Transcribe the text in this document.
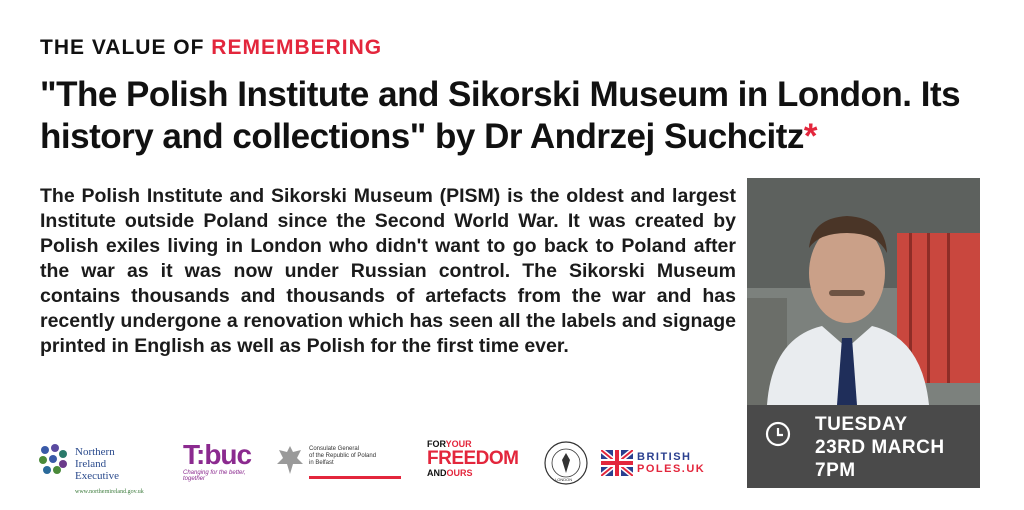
THE VALUE OF REMEMBERING
"The Polish Institute and Sikorski Museum in London. Its history and collections" by Dr Andrzej Suchcitz*
The Polish Institute and Sikorski Museum (PISM) is the oldest and largest Institute outside Poland since the Second World War. It was created by Polish exiles living in London who didn't want to go back to Poland after the war as it was now under Russian control. The Sikorski Museum contains thousands and thousands of artefacts from the war and has recently undergone a renovation which has seen all the labels and signage printed in English as well as Polish for the first time ever.
TUESDAY
23RD MARCH
7PM
Northern Ireland
Executive
www.northernireland.gov.uk
T:buc
Changing for the better, together
Consulate General
of the Republic of Poland
in Belfast
FORYOUR
FREEDOM
ANDOURS
LONDON
BRITISH
POLES.UK
